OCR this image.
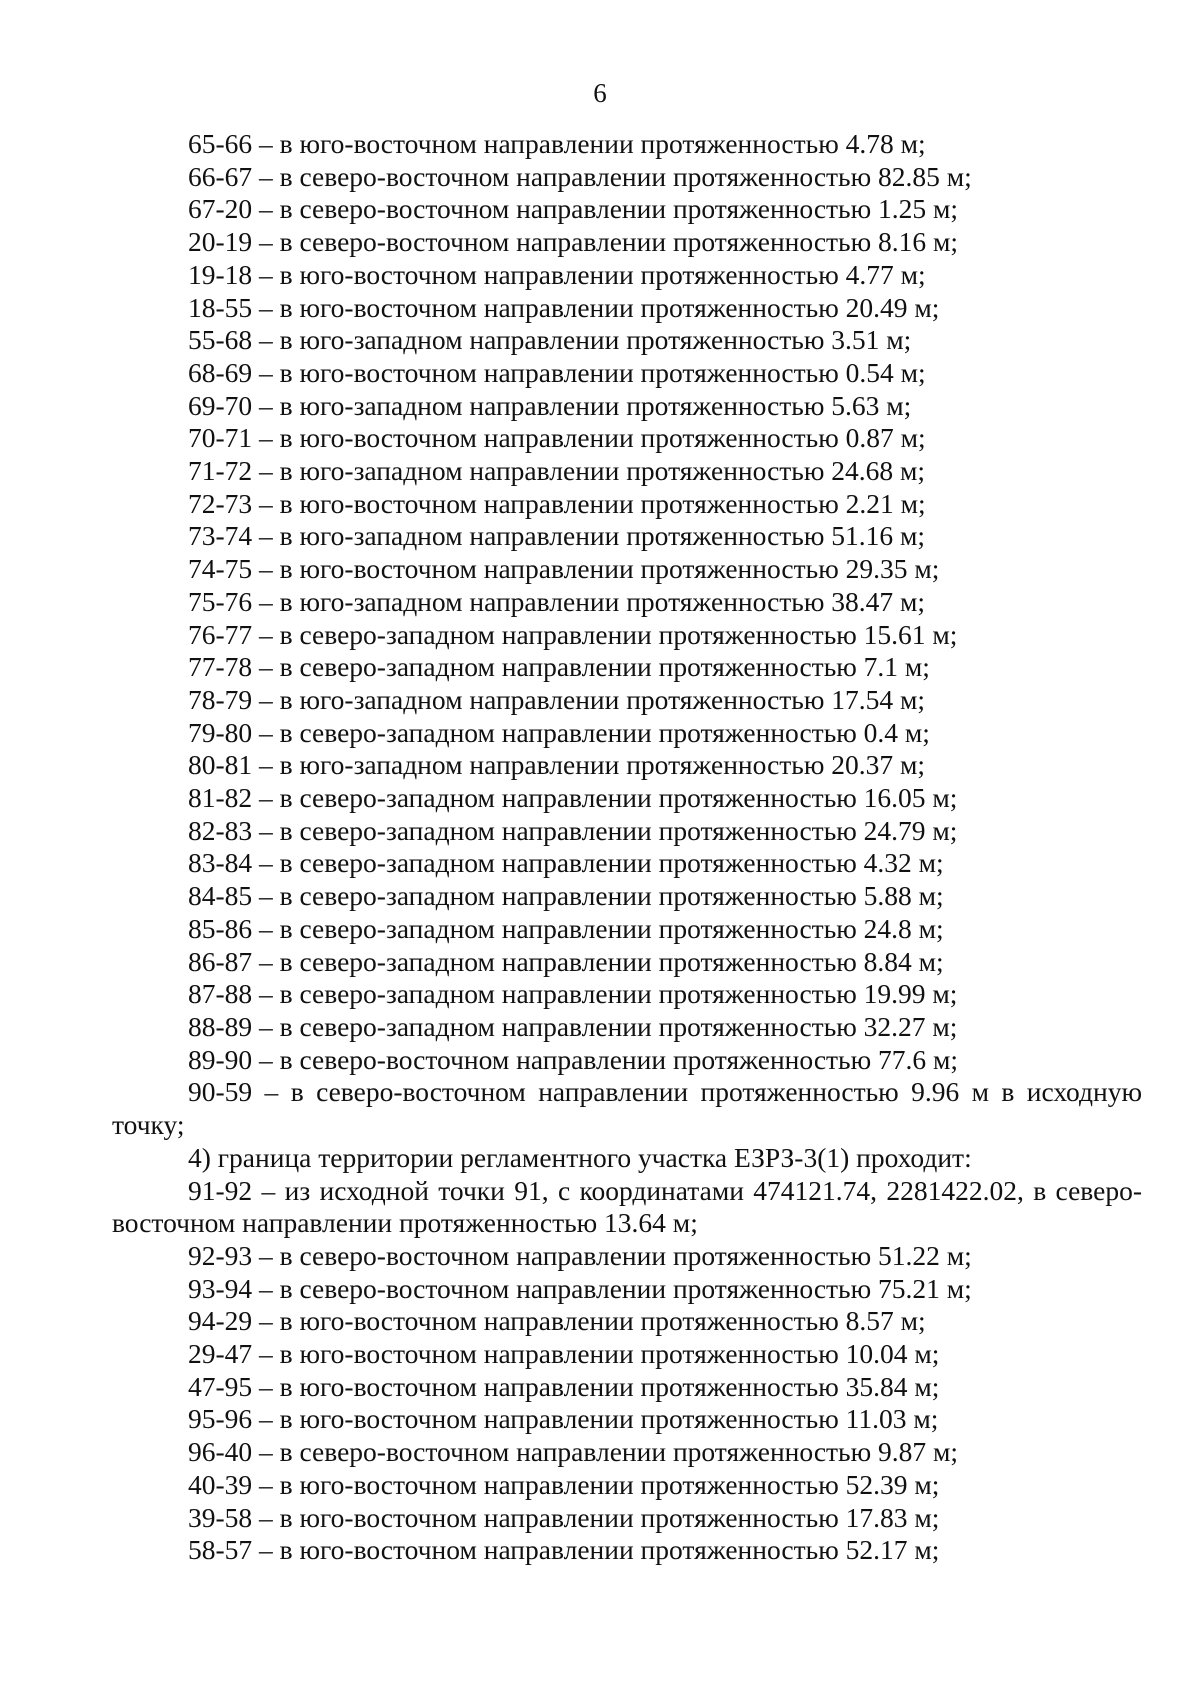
6

65-66 – в юго-восточном направлении протяженностью 4.78 м;

66-67 – в северо-восточном направлении протяженностью 82.85 м;

67-20 – в северо-восточном направлении протяженностью 1.25 м;

20-19 – в северо-восточном направлении протяженностью 8.16 м;

19-18 – в юго-восточном направлении протяженностью 4.77 м;

18-55 – в юго-восточном направлении протяженностью 20.49 м;

55-68 – в юго-западном направлении протяженностью 3.51 м;

68-69 – в юго-восточном направлении протяженностью 0.54 м;

69-70 – в юго-западном направлении протяженностью 5.63 м;

70-71 – в юго-восточном направлении протяженностью 0.87 м;

71-72 – в юго-западном направлении протяженностью 24.68 м;

72-73 – в юго-восточном направлении протяженностью 2.21 м;

73-74 – в юго-западном направлении протяженностью 51.16 м;

74-75 – в юго-восточном направлении протяженностью 29.35 м;

75-76 – в юго-западном направлении протяженностью 38.47 м;

76-77 – в северо-западном направлении протяженностью 15.61 м;

77-78 – в северо-западном направлении протяженностью 7.1 м;

78-79 – в юго-западном направлении протяженностью 17.54 м;

79-80 – в северо-западном направлении протяженностью 0.4 м;

80-81 – в юго-западном направлении протяженностью 20.37 м;

81-82 – в северо-западном направлении протяженностью 16.05 м;

82-83 – в северо-западном направлении протяженностью 24.79 м;

83-84 – в северо-западном направлении протяженностью 4.32 м;

84-85 – в северо-западном направлении протяженностью 5.88 м;

85-86 – в северо-западном направлении протяженностью 24.8 м;

86-87 – в северо-западном направлении протяженностью 8.84 м;

87-88 – в северо-западном направлении протяженностью 19.99 м;

88-89 – в северо-западном направлении протяженностью 32.27 м;

89-90 – в северо-восточном направлении протяженностью 77.6 м;

90-59 – в северо-восточном направлении протяженностью 9.96 м в исходную точку;

4) граница территории регламентного участка ЕЗРЗ-3(1) проходит:

91-92 – из исходной точки 91, с координатами 474121.74, 2281422.02, в северо-восточном направлении протяженностью 13.64 м;

92-93 – в северо-восточном направлении протяженностью 51.22 м;

93-94 – в северо-восточном направлении протяженностью 75.21 м;

94-29 – в юго-восточном направлении протяженностью 8.57 м;

29-47 – в юго-восточном направлении протяженностью 10.04 м;

47-95 – в юго-восточном направлении протяженностью 35.84 м;

95-96 – в юго-восточном направлении протяженностью 11.03 м;

96-40 – в северо-восточном направлении протяженностью 9.87 м;

40-39 – в юго-восточном направлении протяженностью 52.39 м;

39-58 – в юго-восточном направлении протяженностью 17.83 м;

58-57 – в юго-восточном направлении протяженностью 52.17 м;
